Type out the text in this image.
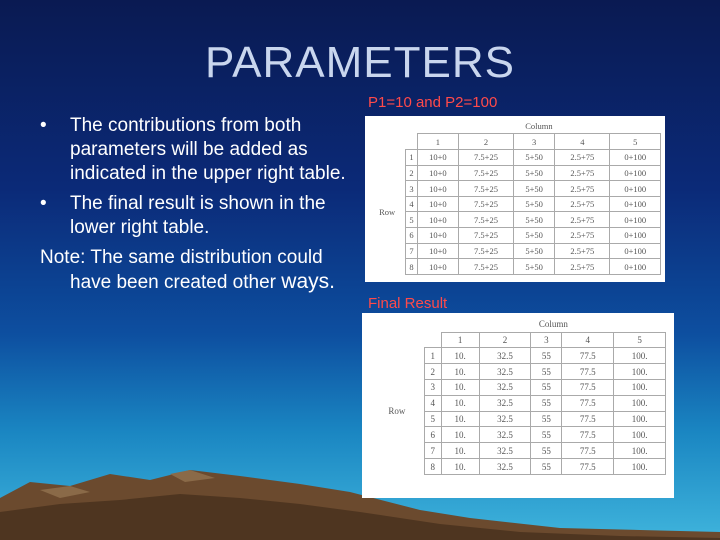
PARAMETERS
• The contributions from both parameters will be added as indicated in the upper right table.
• The final result is shown in the lower right table.
Note: The same distribution could have been created other ways.
P1=10 and P2=100
		Column				
		1	2	3	4	5
Row	1	10+0	7.5+25	5+50	2.5+75	0+100
	2	10+0	7.5+25	5+50	2.5+75	0+100
	3	10+0	7.5+25	5+50	2.5+75	0+100
	4	10+0	7.5+25	5+50	2.5+75	0+100
	5	10+0	7.5+25	5+50	2.5+75	0+100
	6	10+0	7.5+25	5+50	2.5+75	0+100
	7	10+0	7.5+25	5+50	2.5+75	0+100
	8	10+0	7.5+25	5+50	2.5+75	0+100
Final Result
		Column				
		1	2	3	4	5
Row	1	10.	32.5	55	77.5	100.
	2	10.	32.5	55	77.5	100.
	3	10.	32.5	55	77.5	100.
	4	10.	32.5	55	77.5	100.
	5	10.	32.5	55	77.5	100.
	6	10.	32.5	55	77.5	100.
	7	10.	32.5	55	77.5	100.
	8	10.	32.5	55	77.5	100.
